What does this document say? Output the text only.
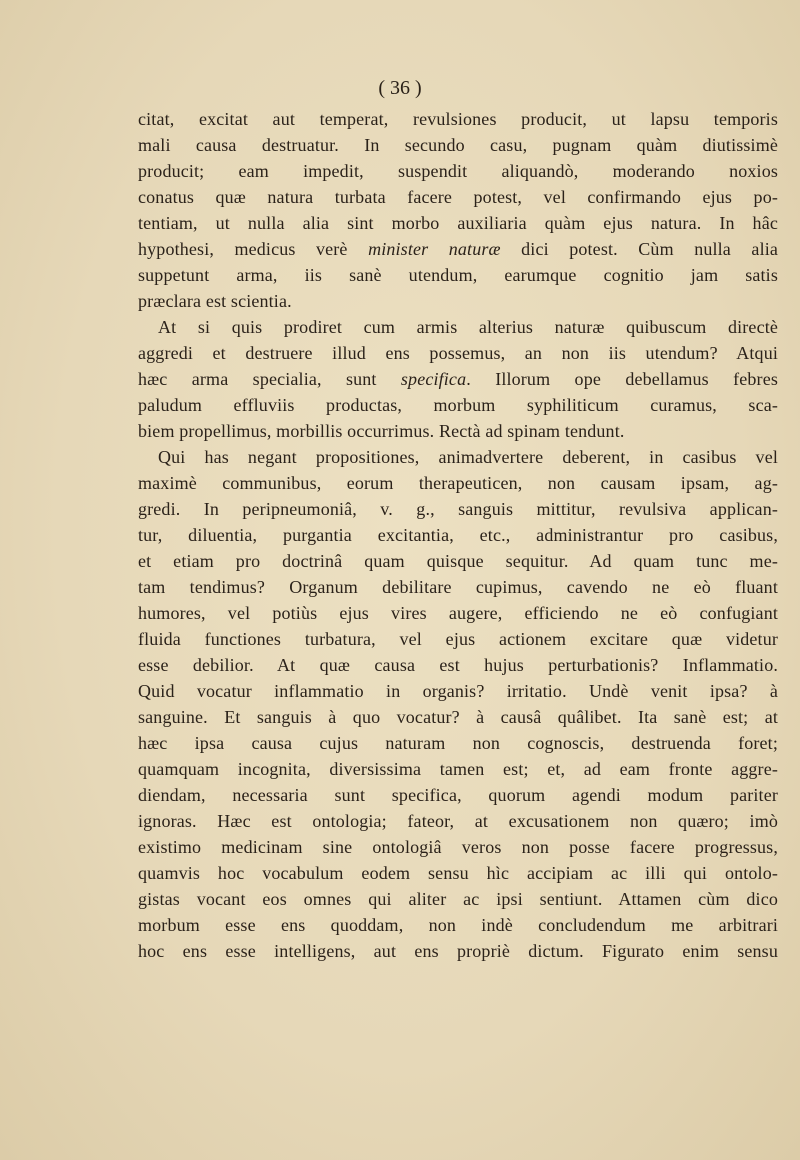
( 36 )
citat, excitat aut temperat, revulsiones producit, ut lapsu temporis
mali causa destruatur. In secundo casu, pugnam quàm diutissimè
producit; eam impedit, suspendit aliquandò, moderando noxios
conatus quæ natura turbata facere potest, vel confirmando ejus po-
tentiam, ut nulla alia sint morbo auxiliaria quàm ejus natura. In hâc
hypothesi, medicus verè minister naturæ dici potest. Cùm nulla alia
suppetunt arma, iis sanè utendum, earumque cognitio jam satis
præclara est scientia.
At si quis prodiret cum armis alterius naturæ quibuscum directè
aggredi et destruere illud ens possemus, an non iis utendum? Atqui
hæc arma specialia, sunt specifica. Illorum ope debellamus febres
paludum effluviis productas, morbum syphiliticum curamus, sca-
biem propellimus, morbillis occurrimus. Rectà ad spinam tendunt.
Qui has negant propositiones, animadvertere deberent, in casibus vel
maximè communibus, eorum therapeuticen, non causam ipsam, ag-
gredi. In peripneumoniâ, v. g., sanguis mittitur, revulsiva applican-
tur, diluentia, purgantia excitantia, etc., administrantur pro casibus,
et etiam pro doctrinâ quam quisque sequitur. Ad quam tunc me-
tam tendimus? Organum debilitare cupimus, cavendo ne eò fluant
humores, vel potiùs ejus vires augere, efficiendo ne eò confugiant
fluida functiones turbatura, vel ejus actionem excitare quæ videtur
esse debilior. At quæ causa est hujus perturbationis? Inflammatio.
Quid vocatur inflammatio in organis? irritatio. Undè venit ipsa? à
sanguine. Et sanguis à quo vocatur? à causâ quâlibet. Ita sanè est; at
hæc ipsa causa cujus naturam non cognoscis, destruenda foret;
quamquam incognita, diversissima tamen est; et, ad eam fronte aggre-
diendam, necessaria sunt specifica, quorum agendi modum pariter
ignoras. Hæc est ontologia; fateor, at excusationem non quæro; imò
existimo medicinam sine ontologiâ veros non posse facere progressus,
quamvis hoc vocabulum eodem sensu hìc accipiam ac illi qui ontolo-
gistas vocant eos omnes qui aliter ac ipsi sentiunt. Attamen cùm dico
morbum esse ens quoddam, non indè concludendum me arbitrari
hoc ens esse intelligens, aut ens propriè dictum. Figurato enim sensu
